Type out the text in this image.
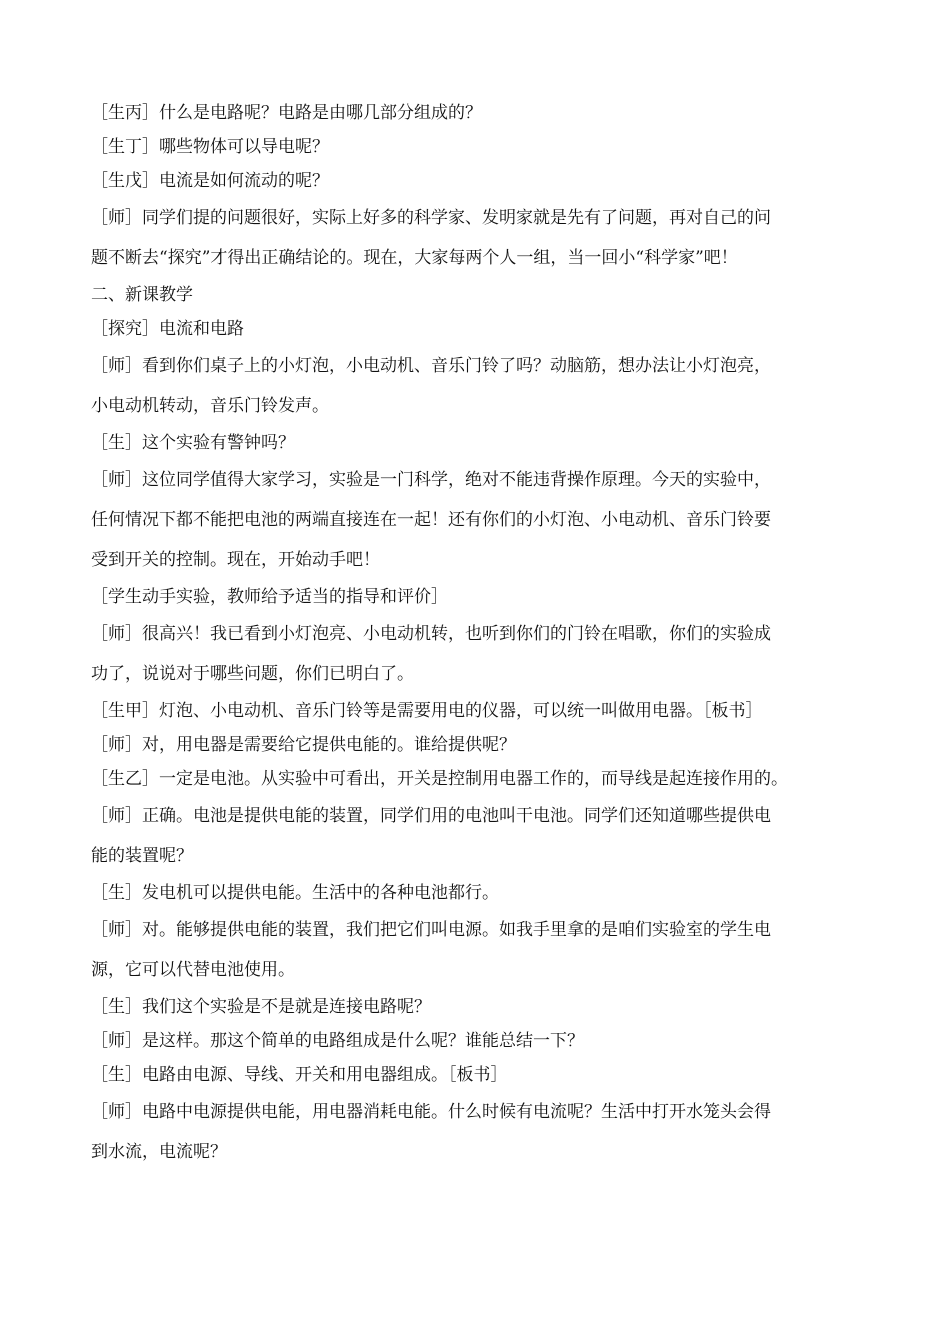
［生丙］什么是电路呢？电路是由哪几部分组成的？

［生丁］哪些物体可以导电呢？

［生戊］电流是如何流动的呢？

［师］同学们提的问题很好，实际上好多的科学家、发明家就是先有了问题，再对自己的问

题不断去“探究”才得出正确结论的。现在，大家每两个人一组，当一回小“科学家”吧！

二、新课教学

［探究］电流和电路

［师］看到你们桌子上的小灯泡，小电动机、音乐门铃了吗？动脑筋，想办法让小灯泡亮，

小电动机转动，音乐门铃发声。

［生］这个实验有警钟吗？

［师］这位同学值得大家学习，实验是一门科学，绝对不能违背操作原理。今天的实验中，

任何情况下都不能把电池的两端直接连在一起！还有你们的小灯泡、小电动机、音乐门铃要

受到开关的控制。现在，开始动手吧！

［学生动手实验，教师给予适当的指导和评价］

［师］很高兴！我已看到小灯泡亮、小电动机转，也听到你们的门铃在唱歌，你们的实验成

功了，说说对于哪些问题，你们已明白了。

［生甲］灯泡、小电动机、音乐门铃等是需要用电的仪器，可以统一叫做用电器。［板书］

［师］对，用电器是需要给它提供电能的。谁给提供呢？

［生乙］一定是电池。从实验中可看出，开关是控制用电器工作的，而导线是起连接作用的。

［师］正确。电池是提供电能的装置，同学们用的电池叫干电池。同学们还知道哪些提供电

能的装置呢？

［生］发电机可以提供电能。生活中的各种电池都行。

［师］对。能够提供电能的装置，我们把它们叫电源。如我手里拿的是咱们实验室的学生电

源，它可以代替电池使用。

［生］我们这个实验是不是就是连接电路呢？

［师］是这样。那这个简单的电路组成是什么呢？谁能总结一下？

［生］电路由电源、导线、开关和用电器组成。［板书］

［师］电路中电源提供电能，用电器消耗电能。什么时候有电流呢？生活中打开水笼头会得

到水流，电流呢？
